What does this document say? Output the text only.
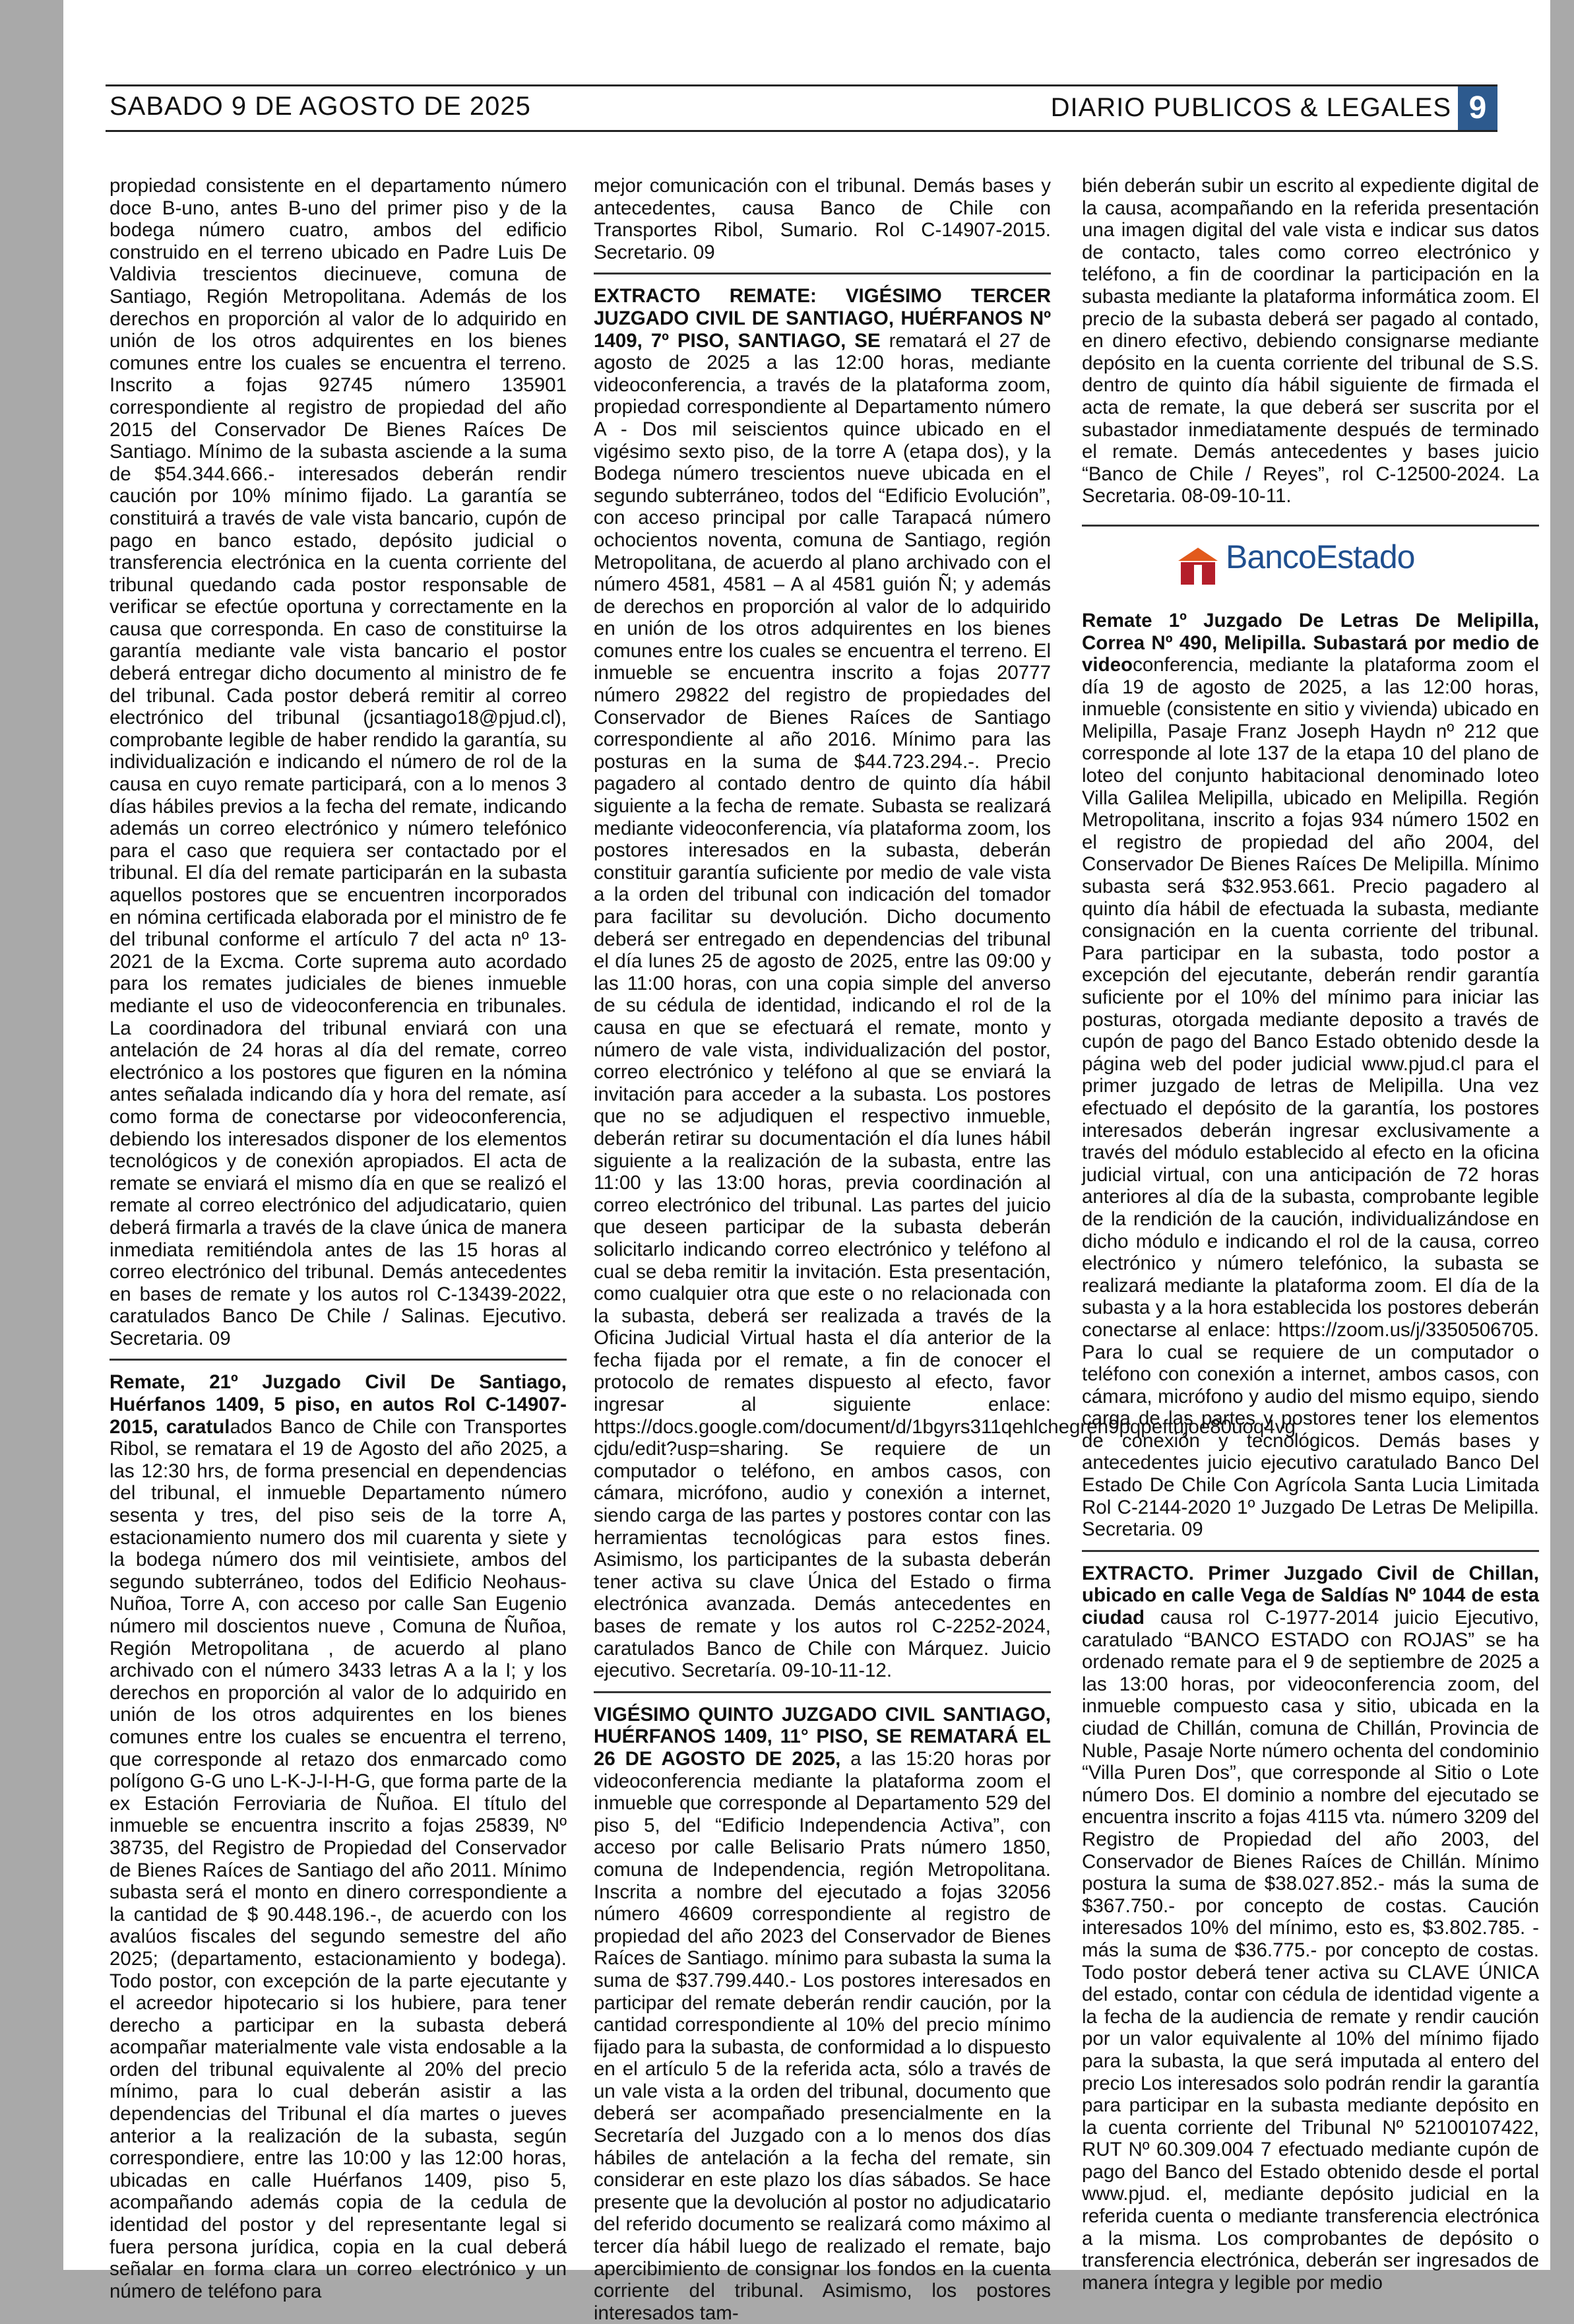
SABADO 9 DE AGOSTO DE 2025	DIARIO PUBLICOS & LEGALES 9

propiedad consistente en el departamento número doce B-uno, antes B-uno del primer piso y de la bodega número cuatro, ambos del edificio construido en el terreno ubicado en Padre Luis De Valdivia trescientos diecinueve, comuna de Santiago, Región Metropolitana. Además de los derechos en proporción al valor de lo adquirido en unión de los otros adquirentes en los bienes comunes entre los cuales se encuentra el terreno. Inscrito a fojas 92745 número 135901 correspondiente al registro de propiedad del año 2015 del Conservador De Bienes Raíces De Santiago. Mínimo de la subasta asciende a la suma de $54.344.666.- interesados deberán rendir caución por 10% mínimo fijado. La garantía se constituirá a través de vale vista bancario, cupón de pago en banco estado, depósito judicial o transferencia electrónica en la cuenta corriente del tribunal quedando cada postor responsable de verificar se efectúe oportuna y correctamente en la causa que corresponda. En caso de constituirse la garantía mediante vale vista bancario el postor deberá entregar dicho documento al ministro de fe del tribunal. Cada postor deberá remitir al correo electrónico del tribunal (jcsantiago18@pjud.cl), comprobante legible de haber rendido la garantía, su individualización e indicando el número de rol de la causa en cuyo remate participará, con a lo menos 3 días hábiles previos a la fecha del remate, indicando además un correo electrónico y número telefónico para el caso que requiera ser contactado por el tribunal. El día del remate participarán en la subasta aquellos postores que se encuentren incorporados en nómina certificada elaborada por el ministro de fe del tribunal conforme el artículo 7 del acta nº 13-2021 de la Excma. Corte suprema auto acordado para los remates judiciales de bienes inmueble mediante el uso de videoconferencia en tribunales. La coordinadora del tribunal enviará con una antelación de 24 horas al día del remate, correo electrónico a los postores que figuren en la nómina antes señalada indicando día y hora del remate, así como forma de conectarse por videoconferencia, debiendo los interesados disponer de los elementos tecnológicos y de conexión apropiados. El acta de remate se enviará el mismo día en que se realizó el remate al correo electrónico del adjudicatario, quien deberá firmarla a través de la clave única de manera inmediata remitiéndola antes de las 15 horas al correo electrónico del tribunal. Demás antecedentes en bases de remate y los autos rol C-13439-2022, caratulados Banco De Chile / Salinas. Ejecutivo. Secretaria. 09

Remate, 21º Juzgado Civil De Santiago, Huérfanos 1409, 5 piso, en autos Rol C-14907-2015, caratulados Banco de Chile con Transportes Ribol, se rematara el 19 de Agosto del año 2025, a las 12:30 hrs, de forma presencial en dependencias del tribunal, el inmueble Departamento número sesenta y tres, del piso seis de la torre A, estacionamiento numero dos mil cuarenta y siete y la bodega número dos mil veintisiete, ambos del segundo subterráneo, todos del Edificio Neohaus- Nuñoa, Torre A, con acceso por calle San Eugenio número mil doscientos nueve , Comuna de Ñuñoa, Región Metropolitana , de acuerdo al plano archivado con el número 3433 letras A a la I; y los derechos en proporción al valor de lo adquirido en unión de los otros adquirentes en los bienes comunes entre los cuales se encuentra el terreno, que corresponde al retazo dos enmarcado como polígono G-G uno L-K-J-I-H-G, que forma parte de la ex Estación Ferroviaria de Ñuñoa. El título del inmueble se encuentra inscrito a fojas 25839, Nº 38735, del Registro de Propiedad del Conservador de Bienes Raíces de Santiago del año 2011. Mínimo subasta será el monto en dinero correspondiente a la cantidad de $ 90.448.196.-, de acuerdo con los avalúos fiscales del segundo semestre del año 2025; (departamento, estacionamiento y bodega). Todo postor, con excepción de la parte ejecutante y el acreedor hipotecario si los hubiere, para tener derecho a participar en la subasta deberá acompañar materialmente vale vista endosable a la orden del tribunal equivalente al 20% del precio mínimo, para lo cual deberán asistir a las dependencias del Tribunal el día martes o jueves anterior a la realización de la subasta, según correspondiere, entre las 10:00 y las 12:00 horas, ubicadas en calle Huérfanos 1409, piso 5, acompañando además copia de la cedula de identidad del postor y del representante legal si fuera persona jurídica, copia en la cual deberá señalar en forma clara un correo electrónico y un número de teléfono para

mejor comunicación con el tribunal. Demás bases y antecedentes, causa Banco de Chile con Transportes Ribol, Sumario. Rol C-14907-2015. Secretario. 09

EXTRACTO REMATE: VIGÉSIMO TERCER JUZGADO CIVIL DE SANTIAGO, HUÉRFANOS Nº 1409, 7º PISO, SANTIAGO, SE rematará el 27 de agosto de 2025 a las 12:00 horas, mediante videoconferencia, a través de la plataforma zoom, propiedad correspondiente al Departamento número A - Dos mil seiscientos quince ubicado en el vigésimo sexto piso, de la torre A (etapa dos), y la Bodega número trescientos nueve ubicada en el segundo subterráneo, todos del “Edificio Evolución”, con acceso principal por calle Tarapacá número ochocientos noventa, comuna de Santiago, región Metropolitana, de acuerdo al plano archivado con el número 4581, 4581 – A al 4581 guión Ñ; y además de derechos en proporción al valor de lo adquirido en unión de los otros adquirentes en los bienes comunes entre los cuales se encuentra el terreno. El inmueble se encuentra inscrito a fojas 20777 número 29822 del registro de propiedades del Conservador de Bienes Raíces de Santiago correspondiente al año 2016. Mínimo para las posturas en la suma de $44.723.294.-. Precio pagadero al contado dentro de quinto día hábil siguiente a la fecha de remate. Subasta se realizará mediante videoconferencia, vía plataforma zoom, los postores interesados en la subasta, deberán constituir garantía suficiente por medio de vale vista a la orden del tribunal con indicación del tomador para facilitar su devolución. Dicho documento deberá ser entregado en dependencias del tribunal el día lunes 25 de agosto de 2025, entre las 09:00 y las 11:00 horas, con una copia simple del anverso de su cédula de identidad, indicando el rol de la causa en que se efectuará el remate, monto y número de vale vista, individualización del postor, correo electrónico y teléfono al que se enviará la invitación para acceder a la subasta. Los postores que no se adjudiquen el respectivo inmueble, deberán retirar su documentación el día lunes hábil siguiente a la realización de la subasta, entre las 11:00 y las 13:00 horas, previa coordinación al correo electrónico del tribunal. Las partes del juicio que deseen participar de la subasta deberán solicitarlo indicando correo electrónico y teléfono al cual se deba remitir la invitación. Esta presentación, como cualquier otra que este o no relacionada con la subasta, deberá ser realizada a través de la Oficina Judicial Virtual hasta el día anterior de la fecha fijada por el remate, a fin de conocer el protocolo de remates dispuesto al efecto, favor ingresar al siguiente enlace: https://docs.google.com/document/d/1bgyrs311qehlchegreh9pqpeftujoe80uoq4vg cjdu/edit?usp=sharing. Se requiere de un computador o teléfono, en ambos casos, con cámara, micrófono, audio y conexión a internet, siendo carga de las partes y postores contar con las herramientas tecnológicas para estos fines. Asimismo, los participantes de la subasta deberán tener activa su clave Única del Estado o firma electrónica avanzada. Demás antecedentes en bases de remate y los autos rol C-2252-2024, caratulados Banco de Chile con Márquez. Juicio ejecutivo. Secretaría. 09-10-11-12.

VIGÉSIMO QUINTO JUZGADO CIVIL SANTIAGO, HUÉRFANOS 1409, 11° PISO, SE REMATARÁ EL 26 DE AGOSTO DE 2025, a las 15:20 horas por videoconferencia mediante la plataforma zoom el inmueble que corresponde al Departamento 529 del piso 5, del “Edificio Independencia Activa”, con acceso por calle Belisario Prats número 1850, comuna de Independencia, región Metropolitana. Inscrita a nombre del ejecutado a fojas 32056 número 46609 correspondiente al registro de propiedad del año 2023 del Conservador de Bienes Raíces de Santiago. mínimo para subasta la suma la suma de $37.799.440.- Los postores interesados en participar del remate deberán rendir caución, por la cantidad correspondiente al 10% del precio mínimo fijado para la subasta, de conformidad a lo dispuesto en el artículo 5 de la referida acta, sólo a través de un vale vista a la orden del tribunal, documento que deberá ser acompañado presencialmente en la Secretaría del Juzgado con a lo menos dos días hábiles de antelación a la fecha del remate, sin considerar en este plazo los días sábados. Se hace presente que la devolución al postor no adjudicatario del referido documento se realizará como máximo al tercer día hábil luego de realizado el remate, bajo apercibimiento de consignar los fondos en la cuenta corriente del tribunal. Asimismo, los postores interesados tam-

bién deberán subir un escrito al expediente digital de la causa, acompañando en la referida presentación una imagen digital del vale vista e indicar sus datos de contacto, tales como correo electrónico y teléfono, a fin de coordinar la participación en la subasta mediante la plataforma informática zoom. El precio de la subasta deberá ser pagado al contado, en dinero efectivo, debiendo consignarse mediante depósito en la cuenta corriente del tribunal de S.S. dentro de quinto día hábil siguiente de firmada el acta de remate, la que deberá ser suscrita por el subastador inmediatamente después de terminado el remate. Demás antecedentes y bases juicio “Banco de Chile / Reyes”, rol C-12500-2024. La Secretaria. 08-09-10-11.

BancoEstado

Remate 1º Juzgado De Letras De Melipilla, Correa Nº 490, Melipilla. Subastará por medio de videoconferencia, mediante la plataforma zoom el día 19 de agosto de 2025, a las 12:00 horas, inmueble (consistente en sitio y vivienda) ubicado en Melipilla, Pasaje Franz Joseph Haydn nº 212 que corresponde al lote 137 de la etapa 10 del plano de loteo del conjunto habitacional denominado loteo Villa Galilea Melipilla, ubicado en Melipilla. Región Metropolitana, inscrito a fojas 934 número 1502 en el registro de propiedad del año 2004, del Conservador De Bienes Raíces De Melipilla. Mínimo subasta será $32.953.661. Precio pagadero al quinto día hábil de efectuada la subasta, mediante consignación en la cuenta corriente del tribunal. Para participar en la subasta, todo postor a excepción del ejecutante, deberán rendir garantía suficiente por el 10% del mínimo para iniciar las posturas, otorgada mediante deposito a través de cupón de pago del Banco Estado obtenido desde la página web del poder judicial www.pjud.cl para el primer juzgado de letras de Melipilla. Una vez efectuado el depósito de la garantía, los postores interesados deberán ingresar exclusivamente a través del módulo establecido al efecto en la oficina judicial virtual, con una anticipación de 72 horas anteriores al día de la subasta, comprobante legible de la rendición de la caución, individualizándose en dicho módulo e indicando el rol de la causa, correo electrónico y número telefónico, la subasta se realizará mediante la plataforma zoom. El día de la subasta y a la hora establecida los postores deberán conectarse al enlace: https://zoom.us/j/3350506705. Para lo cual se requiere de un computador o teléfono con conexión a internet, ambos casos, con cámara, micrófono y audio del mismo equipo, siendo carga de las partes y postores tener los elementos de conexión y tecnológicos. Demás bases y antecedentes juicio ejecutivo caratulado Banco Del Estado De Chile Con Agrícola Santa Lucia Limitada Rol C-2144-2020 1º Juzgado De Letras De Melipilla. Secretaria. 09

EXTRACTO. Primer Juzgado Civil de Chillan, ubicado en calle Vega de Saldías Nº 1044 de esta ciudad causa rol C-1977-2014 juicio Ejecutivo, caratulado “BANCO ESTADO con ROJAS” se ha ordenado remate para el 9 de septiembre de 2025 a las 13:00 horas, por videoconferencia zoom, del inmueble compuesto casa y sitio, ubicada en la ciudad de Chillán, comuna de Chillán, Provincia de Nuble, Pasaje Norte número ochenta del condominio “Villa Puren Dos”, que corresponde al Sitio o Lote número Dos. El dominio a nombre del ejecutado se encuentra inscrito a fojas 4115 vta. número 3209 del Registro de Propiedad del año 2003, del Conservador de Bienes Raíces de Chillán. Mínimo postura la suma de $38.027.852.- más la suma de $367.750.- por concepto de costas. Caución interesados 10% del mínimo, esto es, $3.802.785. - más la suma de $36.775.- por concepto de costas. Todo postor deberá tener activa su CLAVE ÚNICA del estado, contar con cédula de identidad vigente a la fecha de la audiencia de remate y rendir caución por un valor equivalente al 10% del mínimo fijado para la subasta, la que será imputada al entero del precio Los interesados solo podrán rendir la garantía para participar en la subasta mediante depósito en la cuenta corriente del Tribunal Nº 52100107422, RUT Nº 60.309.004 7 efectuado mediante cupón de pago del Banco del Estado obtenido desde el portal www.pjud. el, mediante depósito judicial en la referida cuenta o mediante transferencia electrónica a la misma. Los comprobantes de depósito o transferencia electrónica, deberán ser ingresados de manera íntegra y legible por medio
